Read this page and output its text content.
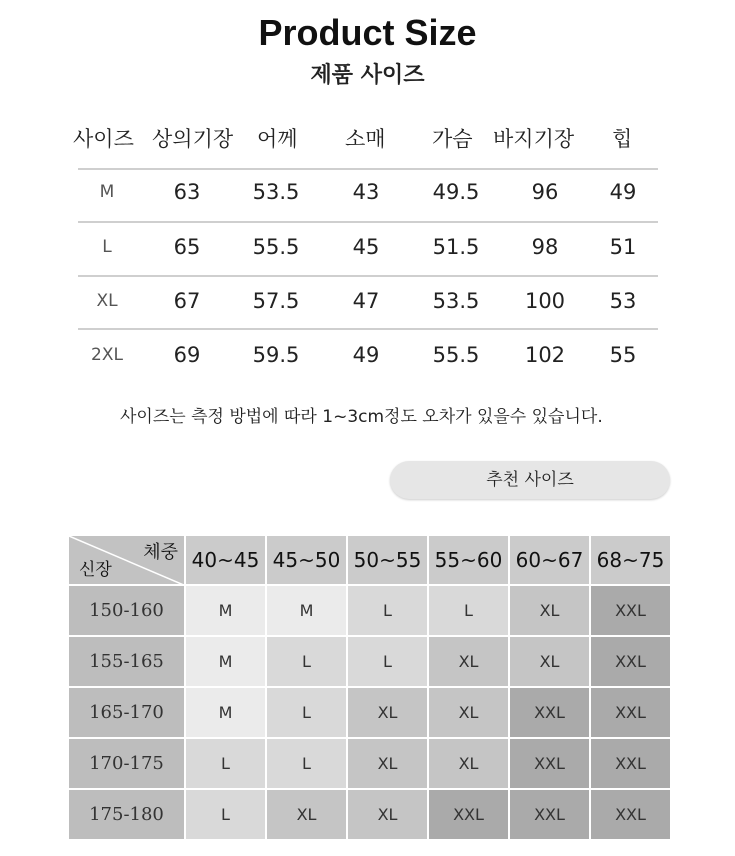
Product Size
제품 사이즈
사이즈는 측정 방법에 따라 1~3cm정도 오차가 있을수 있습니다.
추천 사이즈
체중
신장	40~45 45~50 50~55 55~60 60~67 68~75
150-160	M	M	L	L	XL	XXL
155-165	M	L	L	XL	XL	XXL
165-170	M	L	XL	XL	XXL	XXL
170-175	L	L	XL	XL	XXL	XXL
175-180	L	XL	XL	XXL	XXL	XXL
사이즈 상의기장 어께 소매 가슴 바지기장 힙
M	63	53.5	43	49.5	96	49
L	65	55.5	45	51.5	98	51
XL	67	57.5	47	53.5	100	53
2XL	69	59.5	49	55.5	102	55
